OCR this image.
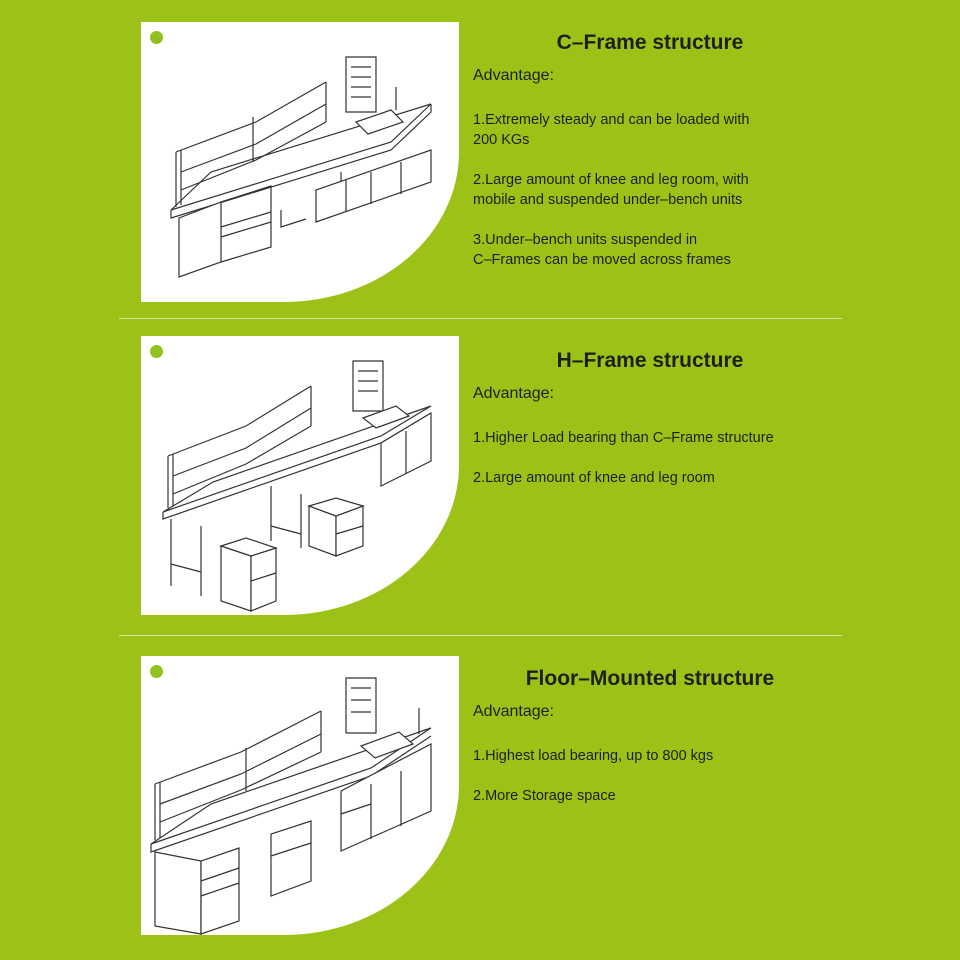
C–Frame structure
Advantage:
1.Extremely steady and can be loaded with
200 KGs
2.Large amount of knee and leg room, with
mobile and suspended under–bench units
3.Under–bench units suspended in
C–Frames can be moved across frames
H–Frame structure
Advantage:
1.Higher Load bearing than C–Frame structure
2.Large amount of knee and leg room
Floor–Mounted structure
Advantage:
1.Highest load bearing, up to 800 kgs
2.More Storage space
